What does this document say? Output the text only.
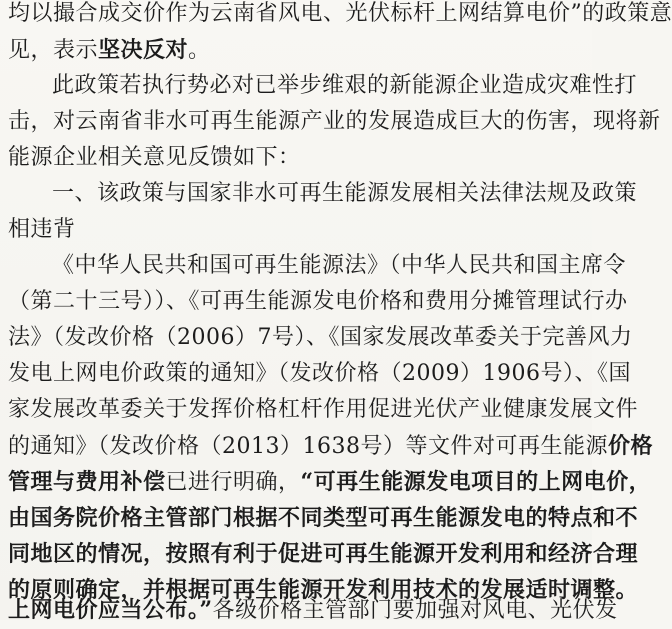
均以撮合成交价作为云南省风电、光伏标杆上网结算电价”的政策意
见，表示坚决反对。
此政策若执行势必对已举步维艰的新能源企业造成灾难性打
击，对云南省非水可再生能源产业的发展造成巨大的伤害，现将新
能源企业相关意见反馈如下：
一、该政策与国家非水可再生能源发展相关法律法规及政策
相违背
《中华人民共和国可再生能源法》（中华人民共和国主席令
（第二十三号））、《可再生能源发电价格和费用分摊管理试行办
法》（发改价格（2006）7号）、《国家发展改革委关于完善风力
发电上网电价政策的通知》（发改价格（2009）1906号）、《国
家发展改革委关于发挥价格杠杆作用促进光伏产业健康发展文件
的通知》（发改价格（2013）1638号）等文件对可再生能源价格
管理与费用补偿已进行明确，“可再生能源发电项目的上网电价，
由国务院价格主管部门根据不同类型可再生能源发电的特点和不
同地区的情况，按照有利于促进可再生能源开发利用和经济合理
的原则确定，并根据可再生能源开发利用技术的发展适时调整。
上网电价应当公布。”各级价格主管部门要加强对风电、光伏发
